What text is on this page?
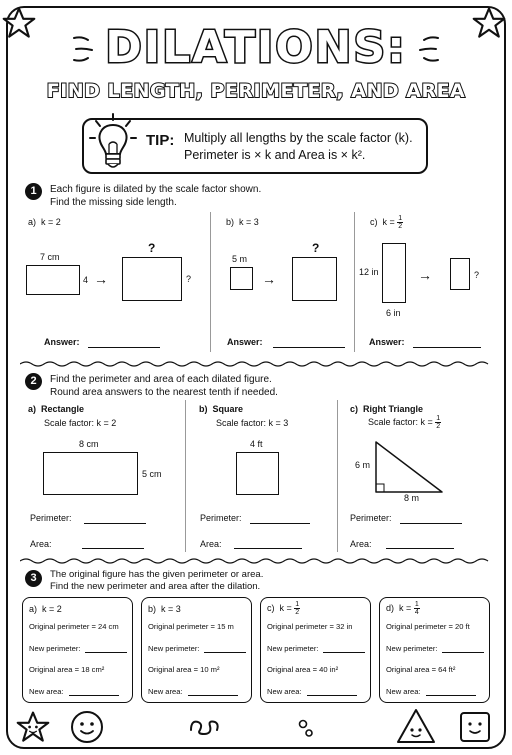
DILATIONS:
FIND LENGTH, PERIMETER, AND AREA
TIP: Multiply all lengths by the scale factor (k).
Perimeter is × k and Area is × k².
1	Each figure is dilated by the scale factor shown.
Find the missing side length.
a) k = 2
7 cm
4 →
?
?
Answer:
b) k = 3
5 m
→
?
Answer:
c) $k = \frac{1}{2}$
12 in
6 in
→	?
Answer:
2	Find the perimeter and area of each dilated figure.
Round area answers to the nearest tenth if needed.
a) Rectangle
Scale factor: k = 2
8 cm
5 cm
Perimeter:
Area:
b) Square
Scale factor: k = 3
4 ft
Perimeter:
Area:
c) Right Triangle
Scale factor: $k = \frac{1}{2}$
6 m
8 m
Perimeter:
Area:
3	The original figure has the given perimeter or area.
Find the new perimeter and area after the dilation.
a) k = 2
Original perimeter = 24 cm
New perimeter:
Original area = 18 cm²
New area:
b) k = 3
Original perimeter = 15 m
New perimeter:
Original area = 10 m²
New area:
c) $k = \frac{1}{2}$
Original perimeter = 32 in
New perimeter:
Original area = 40 in²
New area:
d) $k = \frac{1}{4}$
Original perimeter = 20 ft
New perimeter:
Original area = 64 ft²
New area:
